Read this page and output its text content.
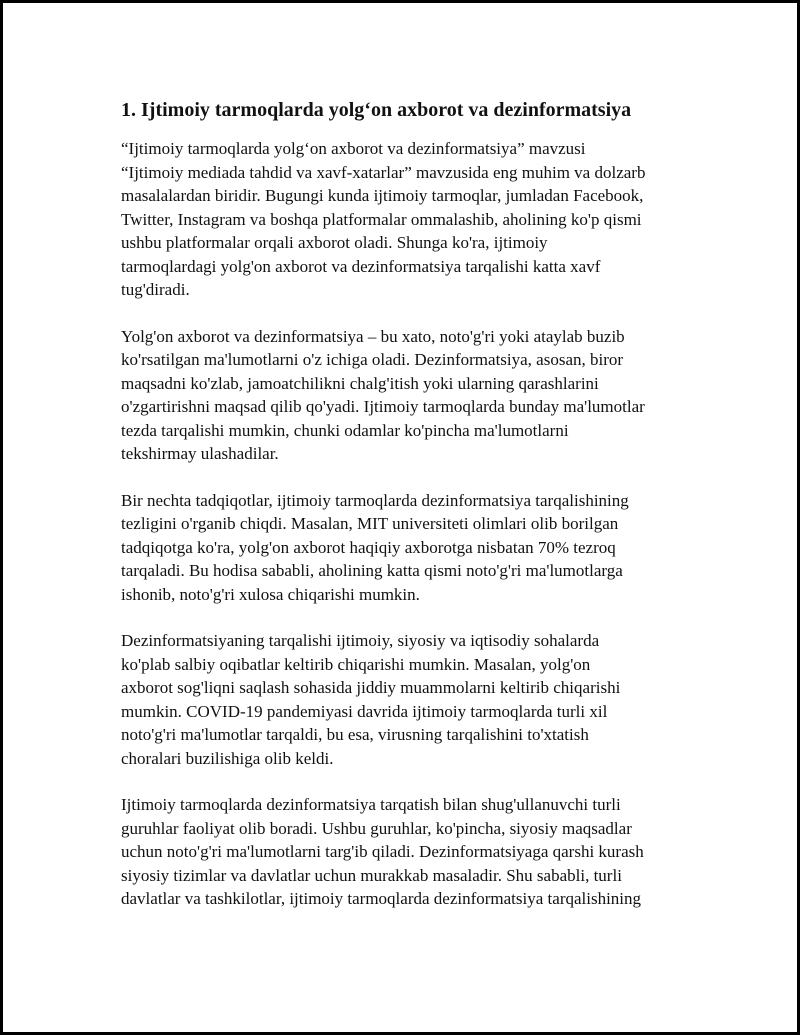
1. Ijtimoiy tarmoqlarda yolg‘on axborot va dezinformatsiya

“Ijtimoiy tarmoqlarda yolg‘on axborot va dezinformatsiya” mavzusi
“Ijtimoiy mediada tahdid va xavf-xatarlar” mavzusida eng muhim va dolzarb
masalalardan biridir. Bugungi kunda ijtimoiy tarmoqlar, jumladan Facebook,
Twitter, Instagram va boshqa platformalar ommalashib, aholining ko'p qismi
ushbu platformalar orqali axborot oladi. Shunga ko'ra, ijtimoiy
tarmoqlardagi yolg'on axborot va dezinformatsiya tarqalishi katta xavf
tug'diradi.

Yolg'on axborot va dezinformatsiya – bu xato, noto'g'ri yoki ataylab buzib
ko'rsatilgan ma'lumotlarni o'z ichiga oladi. Dezinformatsiya, asosan, biror
maqsadni ko'zlab, jamoatchilikni chalg'itish yoki ularning qarashlarini
o'zgartirishni maqsad qilib qo'yadi. Ijtimoiy tarmoqlarda bunday ma'lumotlar
tezda tarqalishi mumkin, chunki odamlar ko'pincha ma'lumotlarni
tekshirmay ulashadilar.

Bir nechta tadqiqotlar, ijtimoiy tarmoqlarda dezinformatsiya tarqalishining
tezligini o'rganib chiqdi. Masalan, MIT universiteti olimlari olib borilgan
tadqiqotga ko'ra, yolg'on axborot haqiqiy axborotga nisbatan 70% tezroq
tarqaladi. Bu hodisa sababli, aholining katta qismi noto'g'ri ma'lumotlarga
ishonib, noto'g'ri xulosa chiqarishi mumkin.

Dezinformatsiyaning tarqalishi ijtimoiy, siyosiy va iqtisodiy sohalarda
ko'plab salbiy oqibatlar keltirib chiqarishi mumkin. Masalan, yolg'on
axborot sog'liqni saqlash sohasida jiddiy muammolarni keltirib chiqarishi
mumkin. COVID-19 pandemiyasi davrida ijtimoiy tarmoqlarda turli xil
noto'g'ri ma'lumotlar tarqaldi, bu esa, virusning tarqalishini to'xtatish
choralari buzilishiga olib keldi.

Ijtimoiy tarmoqlarda dezinformatsiya tarqatish bilan shug'ullanuvchi turli
guruhlar faoliyat olib boradi. Ushbu guruhlar, ko'pincha, siyosiy maqsadlar
uchun noto'g'ri ma'lumotlarni targ'ib qiladi. Dezinformatsiyaga qarshi kurash
siyosiy tizimlar va davlatlar uchun murakkab masaladir. Shu sababli, turli
davlatlar va tashkilotlar, ijtimoiy tarmoqlarda dezinformatsiya tarqalishining
